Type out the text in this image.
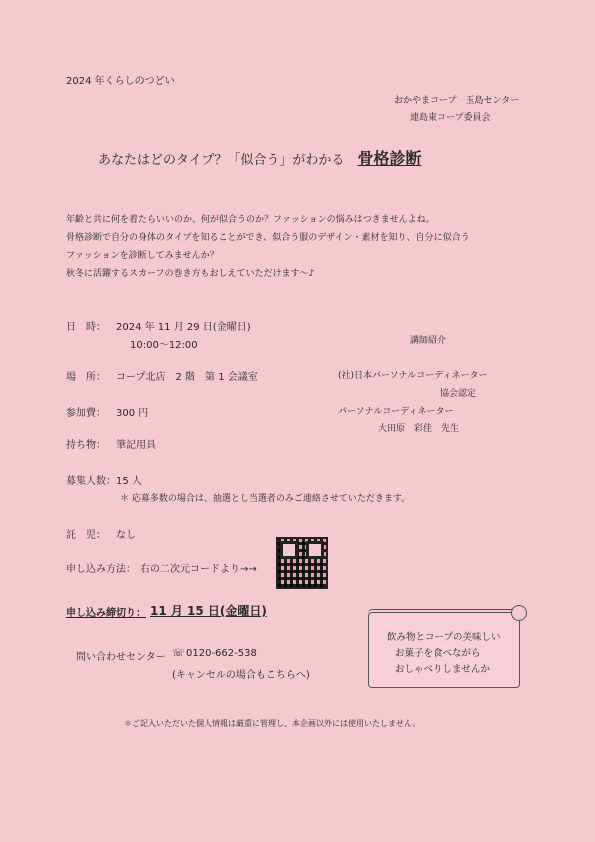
2024 年くらしのつどい
おかやまコープ　玉島センター
連島東コープ委員会
あなたはどのタイプ？「似合う」がわかる 骨格診断
年齢と共に何を着たらいいのか、何が似合うのか？ファッションの悩みはつきませんよね。
骨格診断で自分の身体のタイプを知ることができ、似合う服のデザイン・素材を知り、自分に似合う
ファッションを診断してみませんか？
秋冬に活躍するスカーフの巻き方もおしえていただけます～♪
日　時： 2024 年 11 月 29 日(金曜日)
10:00～12:00
場　所： コープ北店　2 階　第 1 会議室
参加費： 300 円
持ち物： 筆記用具
募集人数： 15 人
＊ 応募多数の場合は、抽選とし当選者のみご連絡させていただきます。
託　児： なし
申し込み方法： 右の二次元コードより→→
申し込み締切り： 11 月 15 日(金曜日)
講師紹介
(社)日本パーソナルコーディネーター
協会認定
パーソナルコーディネーター
大田原　彩佳　先生
問い合わせセンター ☏ 0120-662-538
(キャンセルの場合もこちらへ)
飲み物とコープの美味しい
お菓子を食べながら
おしゃべりしませんか
＊ご記入いただいた個人情報は厳重に管理し、本企画以外には使用いたしません。
